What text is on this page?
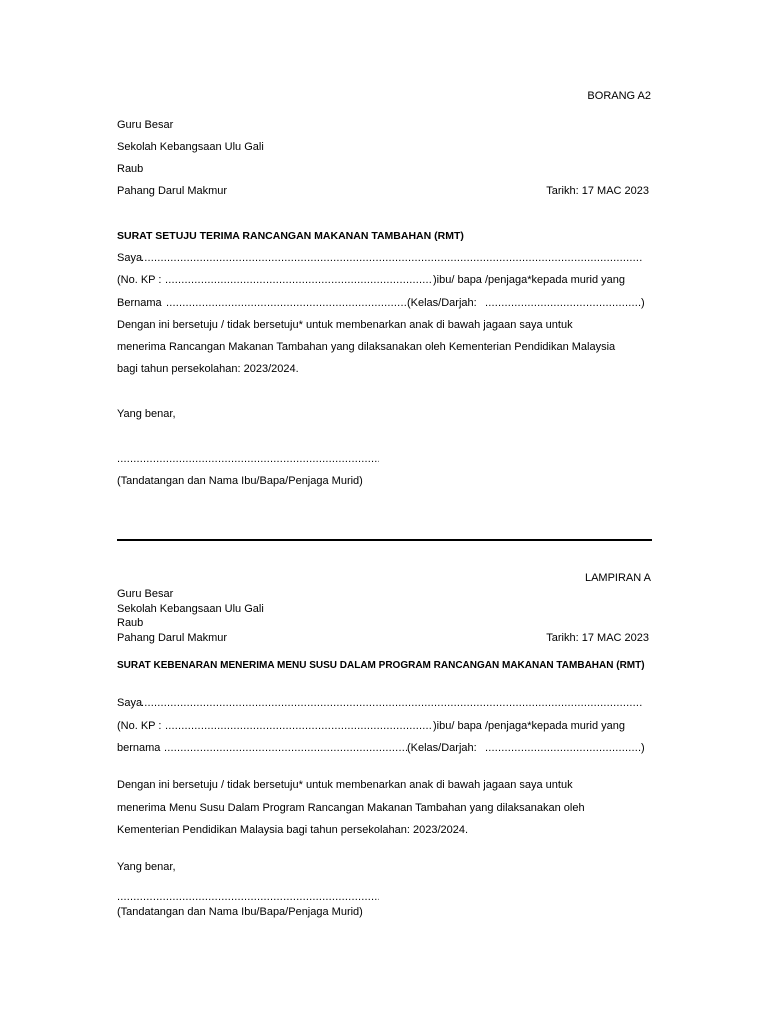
BORANG A2
Guru Besar
Sekolah Kebangsaan Ulu Gali
Raub
Pahang Darul Makmur	Tarikh: 17 MAC 2023
SURAT SETUJU TERIMA RANCANGAN MAKANAN TAMBAHAN (RMT)
Saya
.....
(No. KP : .....	)ibu/ bapa /penjaga*kepada murid yang
Bernama .....	(Kelas/Darjah: .....	)
Dengan ini bersetuju / tidak bersetuju* untuk membenarkan anak di bawah jagaan saya untuk
menerima Rancangan Makanan Tambahan yang dilaksanakan oleh Kementerian Pendidikan Malaysia
bagi tahun persekolahan: 2023/2024.
Yang benar,
.....
(Tandatangan dan Nama Ibu/Bapa/Penjaga Murid)
LAMPIRAN A
Guru Besar
Sekolah Kebangsaan Ulu Gali
Raub
Pahang Darul Makmur	Tarikh: 17 MAC 2023
SURAT KEBENARAN MENERIMA MENU SUSU DALAM PROGRAM RANCANGAN MAKANAN TAMBAHAN (RMT)
Saya
.....
(No. KP : .....	)ibu/ bapa /penjaga*kepada murid yang
bernama .....	(Kelas/Darjah: .....	)
Dengan ini bersetuju / tidak bersetuju* untuk membenarkan anak di bawah jagaan saya untuk
menerima Menu Susu Dalam Program Rancangan Makanan Tambahan yang dilaksanakan oleh
Kementerian Pendidikan Malaysia bagi tahun persekolahan: 2023/2024.
Yang benar,
.....
(Tandatangan dan Nama Ibu/Bapa/Penjaga Murid)
